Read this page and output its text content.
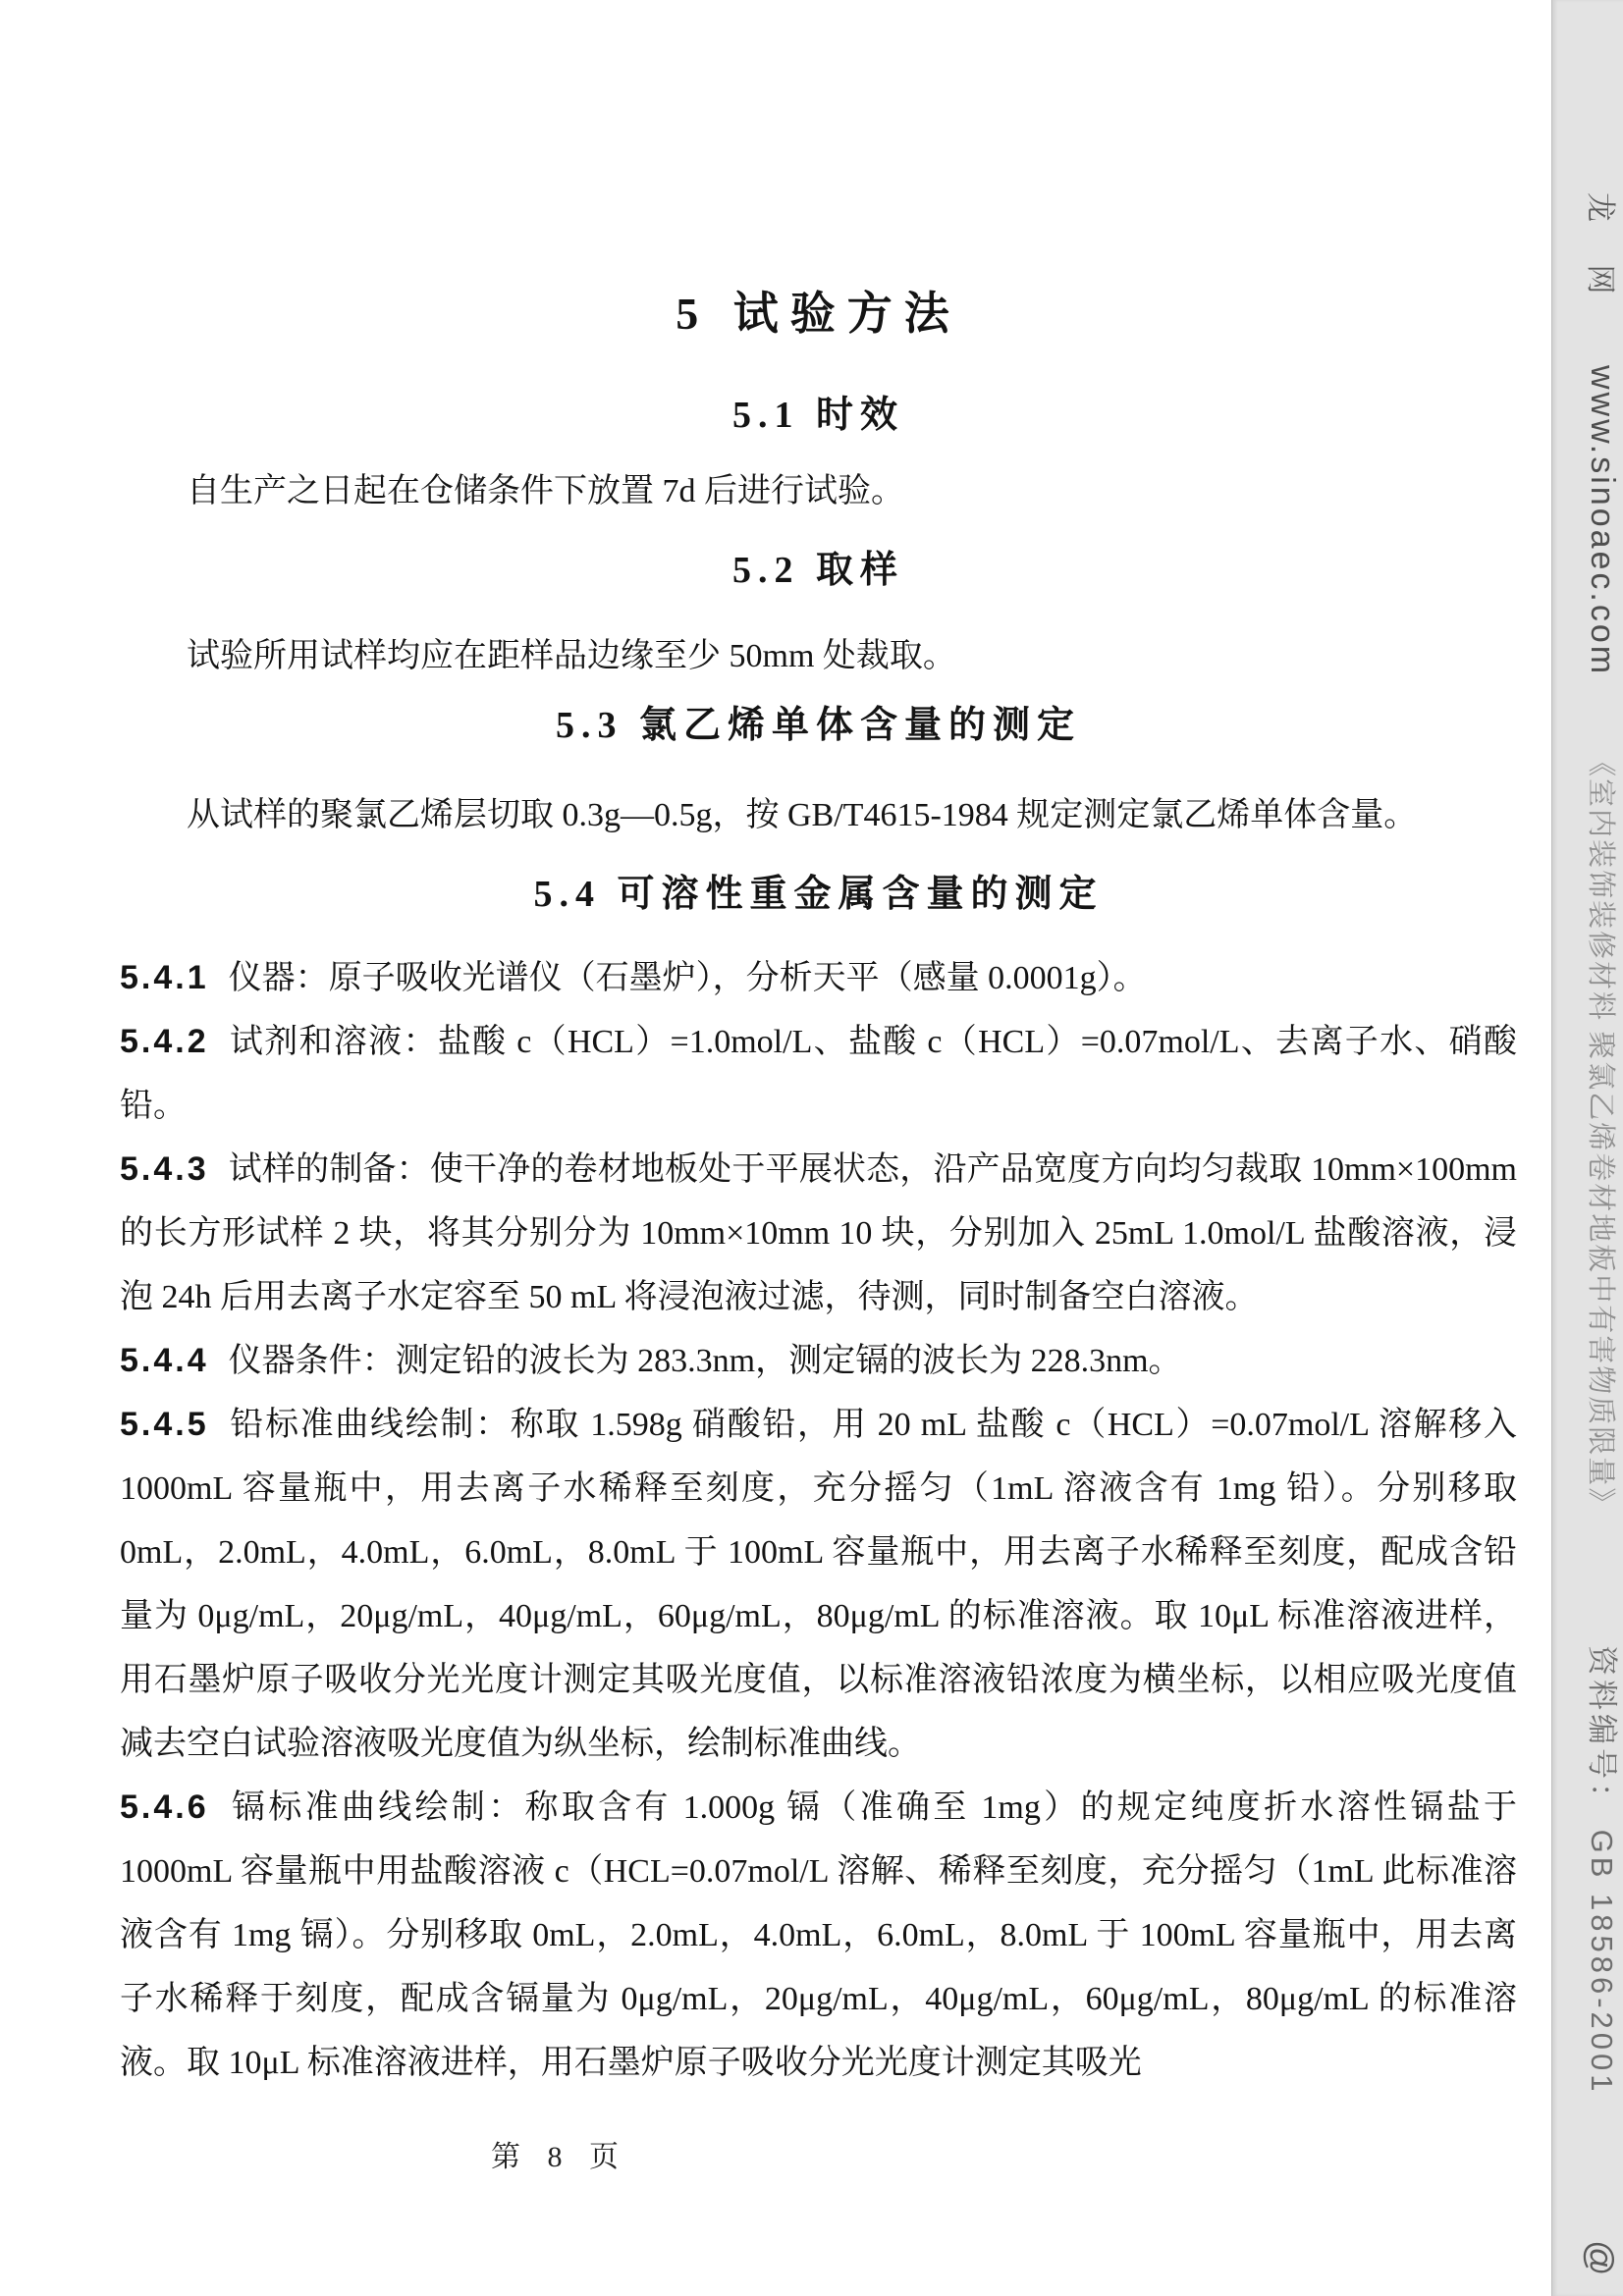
5 试验方法
5.1 时效

自生产之日起在仓储条件下放置 7d 后进行试验。

5.2 取样

试验所用试样均应在距样品边缘至少 50mm 处裁取。

5.3 氯乙烯单体含量的测定

从试样的聚氯乙烯层切取 0.3g—0.5g，按 GB/T4615-1984 规定测定氯乙烯单体含量。

5.4 可溶性重金属含量的测定

5.4.1 仪器：原子吸收光谱仪（石墨炉），分析天平（感量 0.0001g）。

5.4.2 试剂和溶液：盐酸 c（HCL）=1.0mol/L、盐酸 c（HCL）=0.07mol/L、去离子水、硝酸铅。

5.4.3 试样的制备：使干净的卷材地板处于平展状态，沿产品宽度方向均匀裁取 10mm×100mm 的长方形试样 2 块，将其分别分为 10mm×10mm 10 块，分别加入 25mL 1.0mol/L 盐酸溶液，浸泡 24h 后用去离子水定容至 50 mL 将浸泡液过滤，待测，同时制备空白溶液。

5.4.4 仪器条件：测定铅的波长为 283.3nm，测定镉的波长为 228.3nm。

5.4.5 铅标准曲线绘制：称取 1.598g 硝酸铅，用 20 mL 盐酸 c（HCL）=0.07mol/L 溶解移入 1000mL 容量瓶中，用去离子水稀释至刻度，充分摇匀（1mL 溶液含有 1mg 铅）。分别移取 0mL，2.0mL，4.0mL，6.0mL，8.0mL 于 100mL 容量瓶中，用去离子水稀释至刻度，配成含铅量为 0μg/mL，20μg/mL，40μg/mL，60μg/mL，80μg/mL 的标准溶液。取 10μL 标准溶液进样，用石墨炉原子吸收分光光度计测定其吸光度值，以标准溶液铅浓度为横坐标，以相应吸光度值减去空白试验溶液吸光度值为纵坐标，绘制标准曲线。

5.4.6 镉标准曲线绘制：称取含有 1.000g 镉（准确至 1mg）的规定纯度折水溶性镉盐于 1000mL 容量瓶中用盐酸溶液 c（HCL=0.07mol/L 溶解、稀释至刻度，充分摇匀（1mL 此标准溶液含有 1mg 镉）。分别移取 0mL，2.0mL，4.0mL，6.0mL，8.0mL 于 100mL 容量瓶中，用去离子水稀释于刻度，配成含镉量为 0μg/mL，20μg/mL，40μg/mL，60μg/mL，80μg/mL 的标准溶液。取 10μL 标准溶液进样，用石墨炉原子吸收分光光度计测定其吸光

第 8 页
龙 网
www.sinoaec.com
《室内装饰装修材料 聚氯乙烯卷材地板中有害物质限量》
资料编号： GB 18586-2001
@
